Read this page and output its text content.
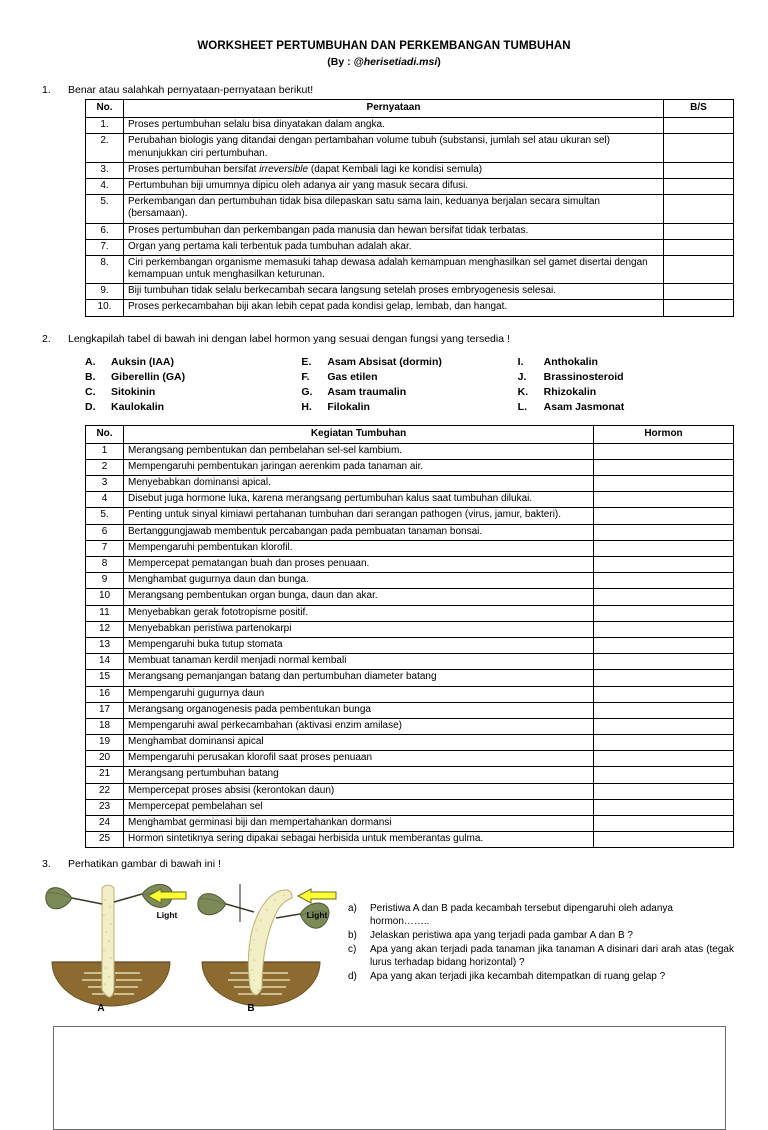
WORKSHEET PERTUMBUHAN DAN PERKEMBANGAN TUMBUHAN
(By : @herisetiadi.msi)
1.	Benar atau salahkah pernyataan-pernyataan berikut!
No.	Pernyataan	B/S
1.	Proses pertumbuhan selalu bisa dinyatakan dalam angka.	
2.	Perubahan biologis yang ditandai dengan pertambahan volume tubuh (substansi, jumlah sel atau ukuran sel) menunjukkan ciri pertumbuhan.	
3.	Proses pertumbuhan bersifat irreversible (dapat Kembali lagi ke kondisi semula)	
4.	Pertumbuhan biji umumnya dipicu oleh adanya air yang masuk secara difusi.	
5.	Perkembangan dan pertumbuhan tidak bisa dilepaskan satu sama lain, keduanya berjalan secara simultan (bersamaan).	
6.	Proses pertumbuhan dan perkembangan pada manusia dan hewan bersifat tidak terbatas.	
7.	Organ yang pertama kali terbentuk pada tumbuhan adalah akar.	
8.	Ciri perkembangan organisme memasuki tahap dewasa adalah kemampuan menghasilkan sel gamet disertai dengan kemampuan untuk menghasilkan keturunan.	
9.	Biji tumbuhan tidak selalu berkecambah secara langsung setelah proses embryogenesis selesai.	
10.	Proses perkecambahan biji akan lebih cepat pada kondisi gelap, lembab, dan hangat.	
2.	Lengkapilah tabel di bawah ini dengan label hormon yang sesuai dengan fungsi yang tersedia !
A.	Auksin (IAA)
B.	Giberellin (GA)
C.	Sitokinin
D.	Kaulokalin
E.	Asam Absisat (dormin)
F.	Gas etilen
G.	Asam traumalin
H.	Filokalin
I.	Anthokalin
J.	Brassinosteroid
K.	Rhizokalin
L.	Asam Jasmonat
No.	Kegiatan Tumbuhan	Hormon
1	Merangsang pembentukan dan pembelahan sel-sel kambium.	
2	Mempengaruhi pembentukan jaringan aerenkim pada tanaman air.	
3	Menyebabkan dominansi apical.	
4	Disebut juga hormone luka, karena merangsang pertumbuhan kalus saat tumbuhan dilukai.	
5.	Penting untuk sinyal kimiawi pertahanan tumbuhan dari serangan pathogen (virus, jamur, bakteri).	
6	Bertanggungjawab membentuk percabangan pada pembuatan tanaman bonsai.	
7	Mempengaruhi pembentukan klorofil.	
8	Mempercepat pematangan buah dan proses penuaan.	
9	Menghambat gugurnya daun dan bunga.	
10	Merangsang pembentukan organ bunga, daun dan akar.	
11	Menyebabkan gerak fototropisme positif.	
12	Menyebabkan peristiwa partenokarpi	
13	Mempengaruhi buka tutup stomata	
14	Membuat tanaman kerdil menjadi normal kembali	
15	Merangsang pemanjangan batang dan pertumbuhan diameter batang	
16	Mempengaruhi gugurnya daun	
17	Merangsang organogenesis pada pembentukan bunga	
18	Mempengaruhi awal perkecambahan (aktivasi enzim amilase)	
19	Menghambat dominansi apical	
20	Mempengaruhi perusakan klorofil saat proses penuaan	
21	Merangsang pertumbuhan batang	
22	Mempercepat proses absisi (kerontokan daun)	
23	Mempercepat pembelahan sel	
24	Menghambat germinasi biji dan mempertahankan dormansi	
25	Hormon sintetiknya sering dipakai sebagai herbisida untuk memberantas gulma.	
3.	Perhatikan gambar di bawah ini !
Light
A
Light
B
a)	Peristiwa A dan B pada kecambah tersebut dipengaruhi oleh adanya hormon……..
b)	Jelaskan peristiwa apa yang terjadi pada gambar A dan B ?
c)	Apa yang akan terjadi pada tanaman jika tanaman A disinari dari arah atas (tegak lurus terhadap bidang horizontal) ?
d)	Apa yang akan terjadi jika kecambah ditempatkan di ruang gelap ?
